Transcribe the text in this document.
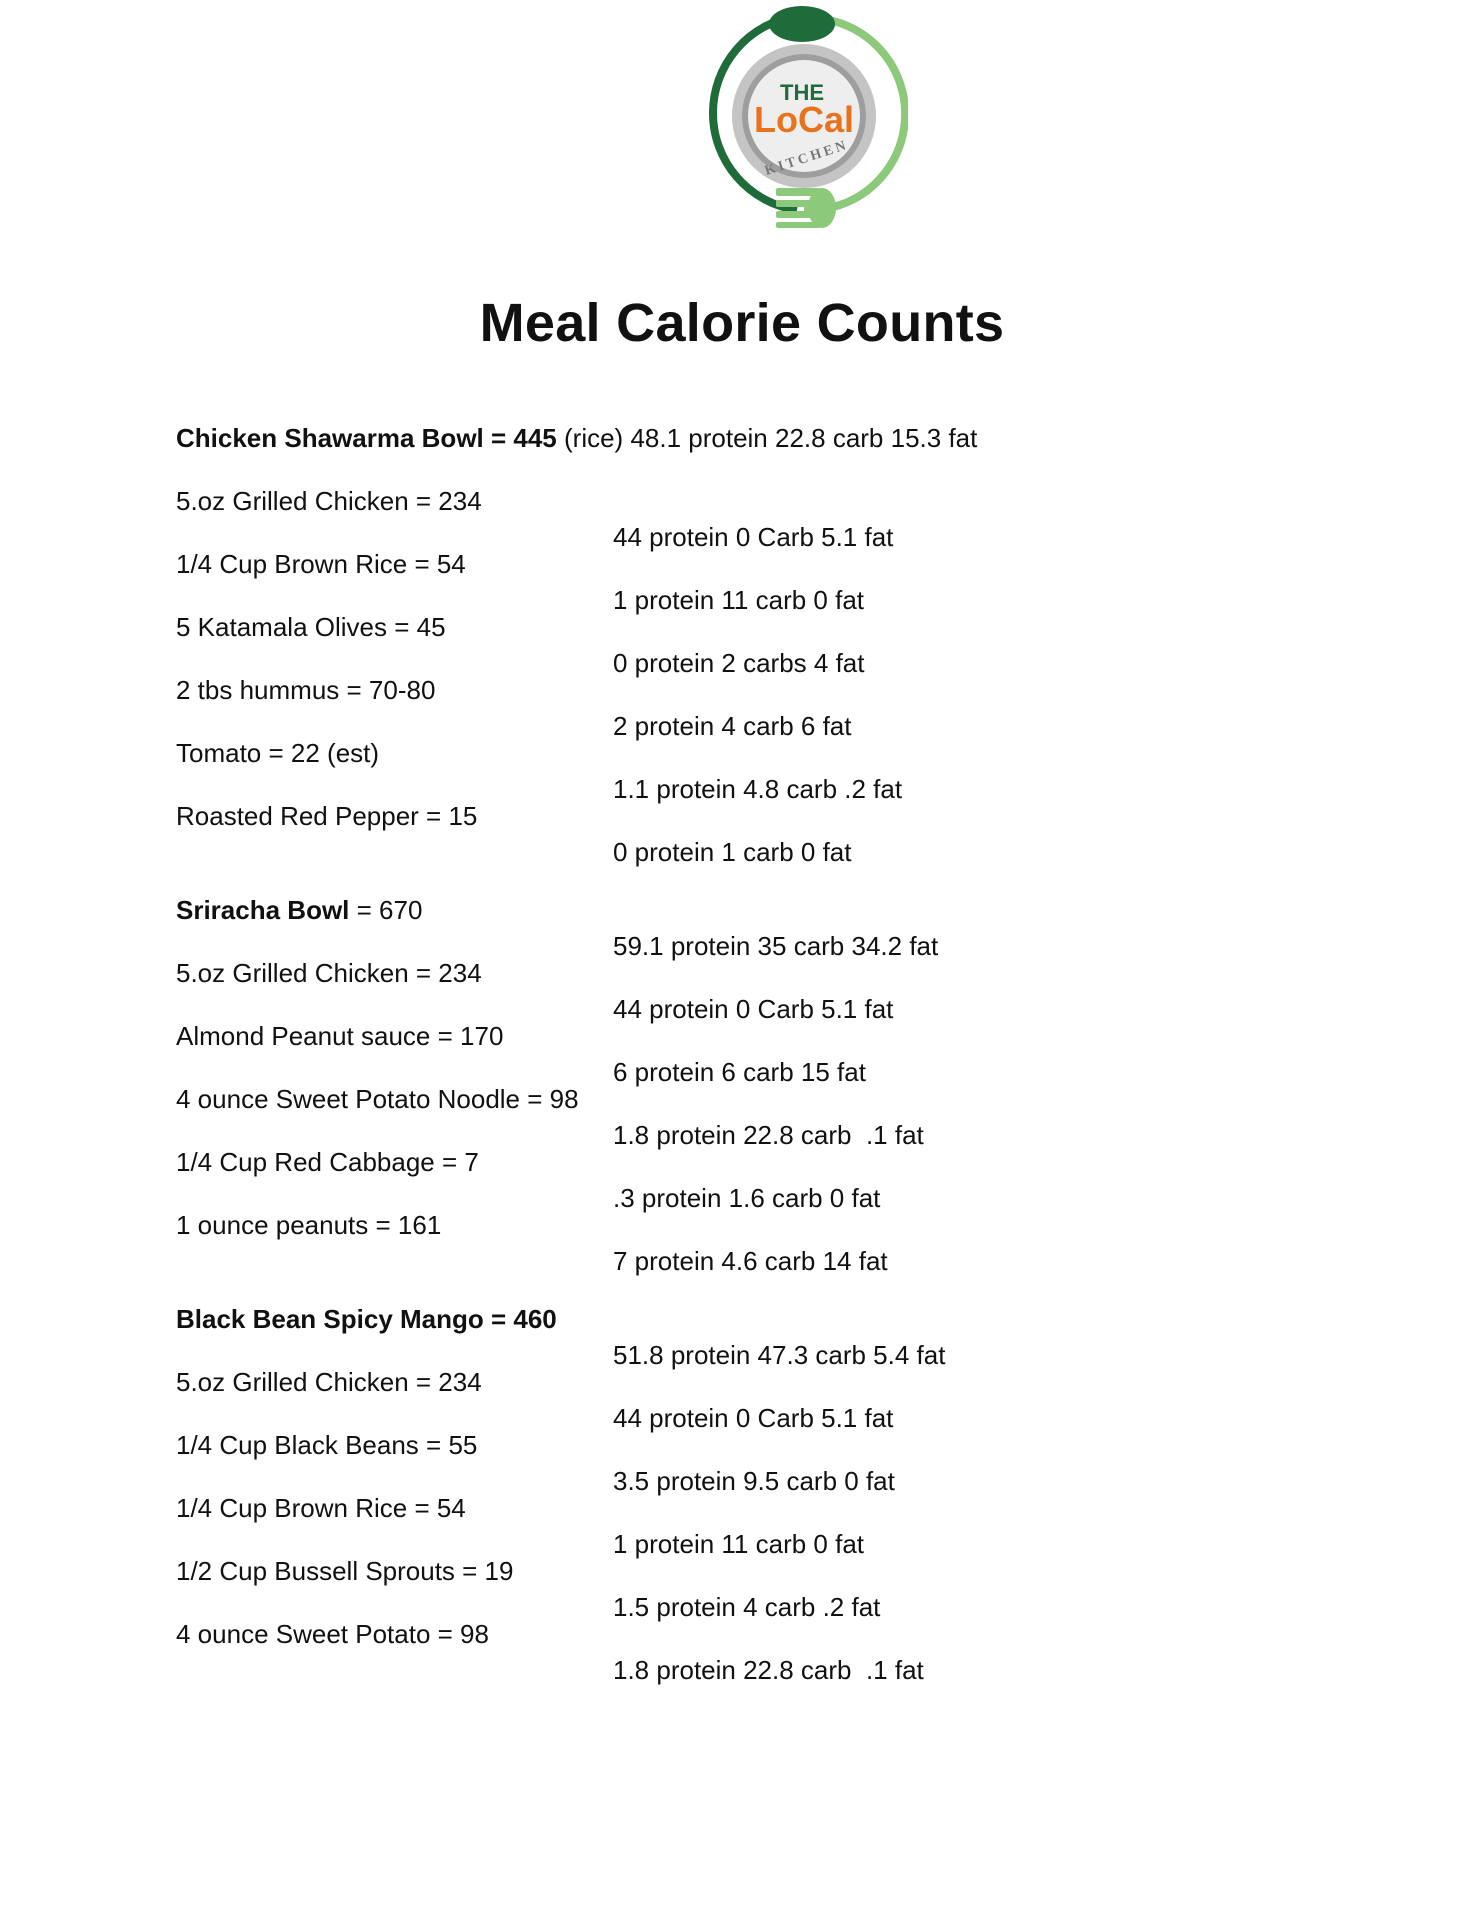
THE
LoCal
KITCHEN
Meal Calorie Counts

Chicken Shawarma Bowl = 445 (rice) 48.1 protein 22.8 carb 15.3 fat

5.oz Grilled Chicken = 234

44 protein 0 Carb 5.1 fat

1/4 Cup Brown Rice = 54

1 protein 11 carb 0 fat

5 Katamala Olives = 45

0 protein 2 carbs 4 fat

2 tbs hummus = 70-80

2 protein 4 carb 6 fat

Tomato = 22 (est)

1.1 protein 4.8 carb .2 fat

Roasted Red Pepper = 15

0 protein 1 carb 0 fat

Sriracha Bowl = 670

59.1 protein 35 carb 34.2 fat

5.oz Grilled Chicken = 234

44 protein 0 Carb 5.1 fat

Almond Peanut sauce = 170

6 protein 6 carb 15 fat

4 ounce Sweet Potato Noodle = 98

1.8 protein 22.8 carb  .1 fat

1/4 Cup Red Cabbage = 7

.3 protein 1.6 carb 0 fat

1 ounce peanuts = 161

7 protein 4.6 carb 14 fat

Black Bean Spicy Mango = 460

51.8 protein 47.3 carb 5.4 fat

5.oz Grilled Chicken = 234

44 protein 0 Carb 5.1 fat

1/4 Cup Black Beans = 55

3.5 protein 9.5 carb 0 fat

1/4 Cup Brown Rice = 54

1 protein 11 carb 0 fat

1/2 Cup Bussell Sprouts = 19

1.5 protein 4 carb .2 fat

4 ounce Sweet Potato = 98

1.8 protein 22.8 carb  .1 fat
